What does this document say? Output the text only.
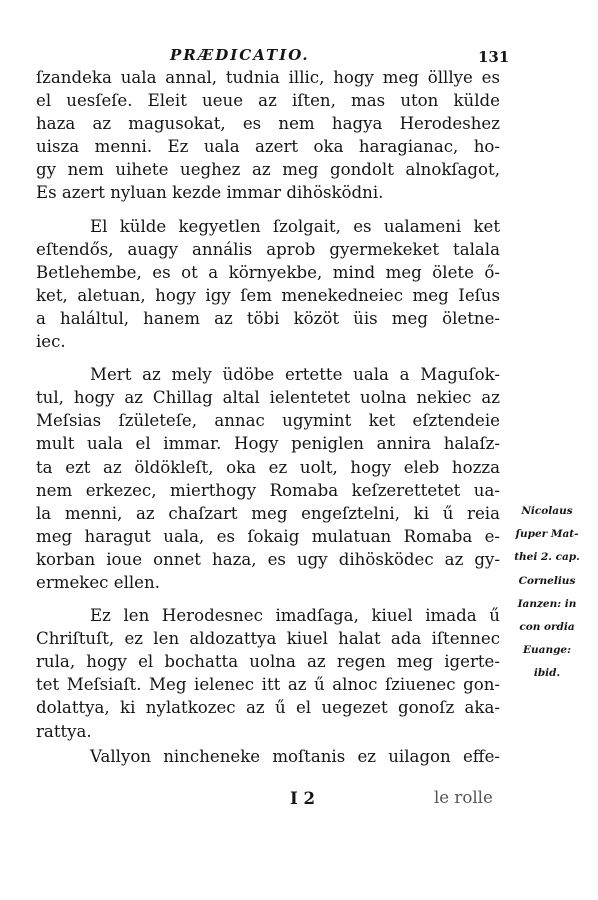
PRÆDICATIO.	131
ſzandeka uala annal, tudnia illic, hogy meg ölllye es
el uesſeſe. Eleit ueue az iſten, mas uton külde
haza az magusokat, es nem hagya Herodeshez
uisza menni. Ez uala azert oka haragianac, ho-
gy nem uihete ueghez az meg gondolt alnokſagot,
Es azert nyluan kezde immar dihösködni.
El külde kegyetlen ſzolgait, es ualameni ket
eſtendős, auagy annális aprob gyermekeket talala
Betlehembe, es ot a környekbe, mind meg ölete ő-
ket, aletuan, hogy igy ſem menekedneiec meg Ieſus
a haláltul, hanem az töbi közöt üis meg öletne-
iec.
Mert az mely üdöbe ertette uala a Maguſok-
tul, hogy az Chillag altal ielentetet uolna nekiec az
Meſsias ſzületeſe, annac ugymint ket eſztendeie
mult uala el immar. Hogy peniglen annira halaſz-
ta ezt az öldökleſt, oka ez uolt, hogy eleb hozza
nem erkezec, mierthogy Romaba keſzerettetet ua-
la menni, az chaſzart meg engeſztelni, ki ű reia
meg haragut uala, es ſokaig mulatuan Romaba e-
korban ioue onnet haza, es ugy dihösködec az gy-
ermekec ellen.
Ez len Herodesnec imadſaga, kiuel imada ű
Chriſtuſt, ez len aldozattya kiuel halat ada iſtennec
rula, hogy el bochatta uolna az regen meg igerte-
tet Meſsiaſt. Meg ielenec itt az ű alnoc ſziuenec gon-
dolattya, ki nylatkozec az ű el uegezet gonoſz aka-
rattya.
Vallyon nincheneke moſtanis ez uilagon effe-
Nicolaus
ſuper Mat-
thei 2. cap.
Cornelius
Ianzen: in
con ordia
Euange:
ibid.
I 2	le rolle
